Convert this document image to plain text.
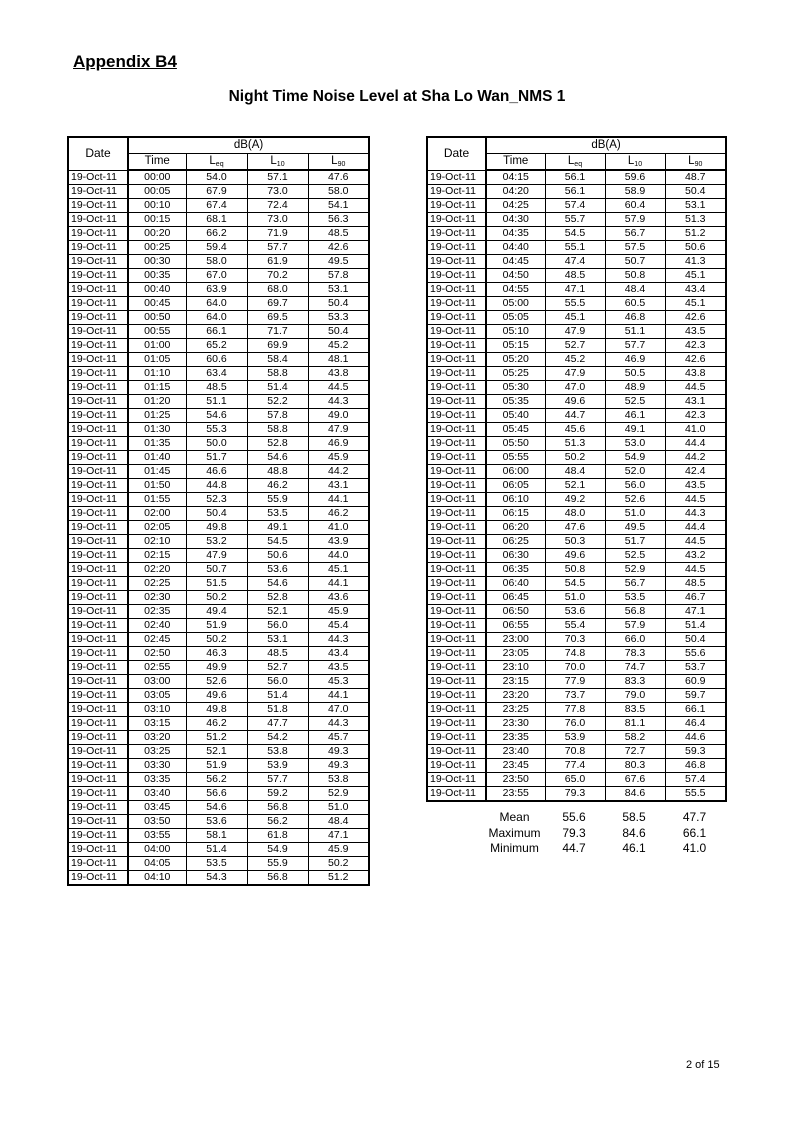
Appendix B4
Night Time Noise Level at Sha Lo Wan_NMS 1
Date	dB(A)			
	Time	$L_{eq}$	$L_{10}$	$L_{90}$
19-Oct-11	00:00	54.0	57.1	47.6
19-Oct-11	00:05	67.9	73.0	58.0
19-Oct-11	00:10	67.4	72.4	54.1
19-Oct-11	00:15	68.1	73.0	56.3
19-Oct-11	00:20	66.2	71.9	48.5
19-Oct-11	00:25	59.4	57.7	42.6
19-Oct-11	00:30	58.0	61.9	49.5
19-Oct-11	00:35	67.0	70.2	57.8
19-Oct-11	00:40	63.9	68.0	53.1
19-Oct-11	00:45	64.0	69.7	50.4
19-Oct-11	00:50	64.0	69.5	53.3
19-Oct-11	00:55	66.1	71.7	50.4
19-Oct-11	01:00	65.2	69.9	45.2
19-Oct-11	01:05	60.6	58.4	48.1
19-Oct-11	01:10	63.4	58.8	43.8
19-Oct-11	01:15	48.5	51.4	44.5
19-Oct-11	01:20	51.1	52.2	44.3
19-Oct-11	01:25	54.6	57.8	49.0
19-Oct-11	01:30	55.3	58.8	47.9
19-Oct-11	01:35	50.0	52.8	46.9
19-Oct-11	01:40	51.7	54.6	45.9
19-Oct-11	01:45	46.6	48.8	44.2
19-Oct-11	01:50	44.8	46.2	43.1
19-Oct-11	01:55	52.3	55.9	44.1
19-Oct-11	02:00	50.4	53.5	46.2
19-Oct-11	02:05	49.8	49.1	41.0
19-Oct-11	02:10	53.2	54.5	43.9
19-Oct-11	02:15	47.9	50.6	44.0
19-Oct-11	02:20	50.7	53.6	45.1
19-Oct-11	02:25	51.5	54.6	44.1
19-Oct-11	02:30	50.2	52.8	43.6
19-Oct-11	02:35	49.4	52.1	45.9
19-Oct-11	02:40	51.9	56.0	45.4
19-Oct-11	02:45	50.2	53.1	44.3
19-Oct-11	02:50	46.3	48.5	43.4
19-Oct-11	02:55	49.9	52.7	43.5
19-Oct-11	03:00	52.6	56.0	45.3
19-Oct-11	03:05	49.6	51.4	44.1
19-Oct-11	03:10	49.8	51.8	47.0
19-Oct-11	03:15	46.2	47.7	44.3
19-Oct-11	03:20	51.2	54.2	45.7
19-Oct-11	03:25	52.1	53.8	49.3
19-Oct-11	03:30	51.9	53.9	49.3
19-Oct-11	03:35	56.2	57.7	53.8
19-Oct-11	03:40	56.6	59.2	52.9
19-Oct-11	03:45	54.6	56.8	51.0
19-Oct-11	03:50	53.6	56.2	48.4
19-Oct-11	03:55	58.1	61.8	47.1
19-Oct-11	04:00	51.4	54.9	45.9
19-Oct-11	04:05	53.5	55.9	50.2
19-Oct-11	04:10	54.3	56.8	51.2
Date	dB(A)			
	Time	$L_{eq}$	$L_{10}$	$L_{90}$
19-Oct-11	04:15	56.1	59.6	48.7
19-Oct-11	04:20	56.1	58.9	50.4
19-Oct-11	04:25	57.4	60.4	53.1
19-Oct-11	04:30	55.7	57.9	51.3
19-Oct-11	04:35	54.5	56.7	51.2
19-Oct-11	04:40	55.1	57.5	50.6
19-Oct-11	04:45	47.4	50.7	41.3
19-Oct-11	04:50	48.5	50.8	45.1
19-Oct-11	04:55	47.1	48.4	43.4
19-Oct-11	05:00	55.5	60.5	45.1
19-Oct-11	05:05	45.1	46.8	42.6
19-Oct-11	05:10	47.9	51.1	43.5
19-Oct-11	05:15	52.7	57.7	42.3
19-Oct-11	05:20	45.2	46.9	42.6
19-Oct-11	05:25	47.9	50.5	43.8
19-Oct-11	05:30	47.0	48.9	44.5
19-Oct-11	05:35	49.6	52.5	43.1
19-Oct-11	05:40	44.7	46.1	42.3
19-Oct-11	05:45	45.6	49.1	41.0
19-Oct-11	05:50	51.3	53.0	44.4
19-Oct-11	05:55	50.2	54.9	44.2
19-Oct-11	06:00	48.4	52.0	42.4
19-Oct-11	06:05	52.1	56.0	43.5
19-Oct-11	06:10	49.2	52.6	44.5
19-Oct-11	06:15	48.0	51.0	44.3
19-Oct-11	06:20	47.6	49.5	44.4
19-Oct-11	06:25	50.3	51.7	44.5
19-Oct-11	06:30	49.6	52.5	43.2
19-Oct-11	06:35	50.8	52.9	44.5
19-Oct-11	06:40	54.5	56.7	48.5
19-Oct-11	06:45	51.0	53.5	46.7
19-Oct-11	06:50	53.6	56.8	47.1
19-Oct-11	06:55	55.4	57.9	51.4
19-Oct-11	23:00	70.3	66.0	50.4
19-Oct-11	23:05	74.8	78.3	55.6
19-Oct-11	23:10	70.0	74.7	53.7
19-Oct-11	23:15	77.9	83.3	60.9
19-Oct-11	23:20	73.7	79.0	59.7
19-Oct-11	23:25	77.8	83.5	66.1
19-Oct-11	23:30	76.0	81.1	46.4
19-Oct-11	23:35	53.9	58.2	44.6
19-Oct-11	23:40	70.8	72.7	59.3
19-Oct-11	23:45	77.4	80.3	46.8
19-Oct-11	23:50	65.0	67.6	57.4
19-Oct-11	23:55	79.3	84.6	55.5
	Mean	55.6	58.5	47.7
	Maximum	79.3	84.6	66.1
	Minimum	44.7	46.1	41.0
2 of 15
